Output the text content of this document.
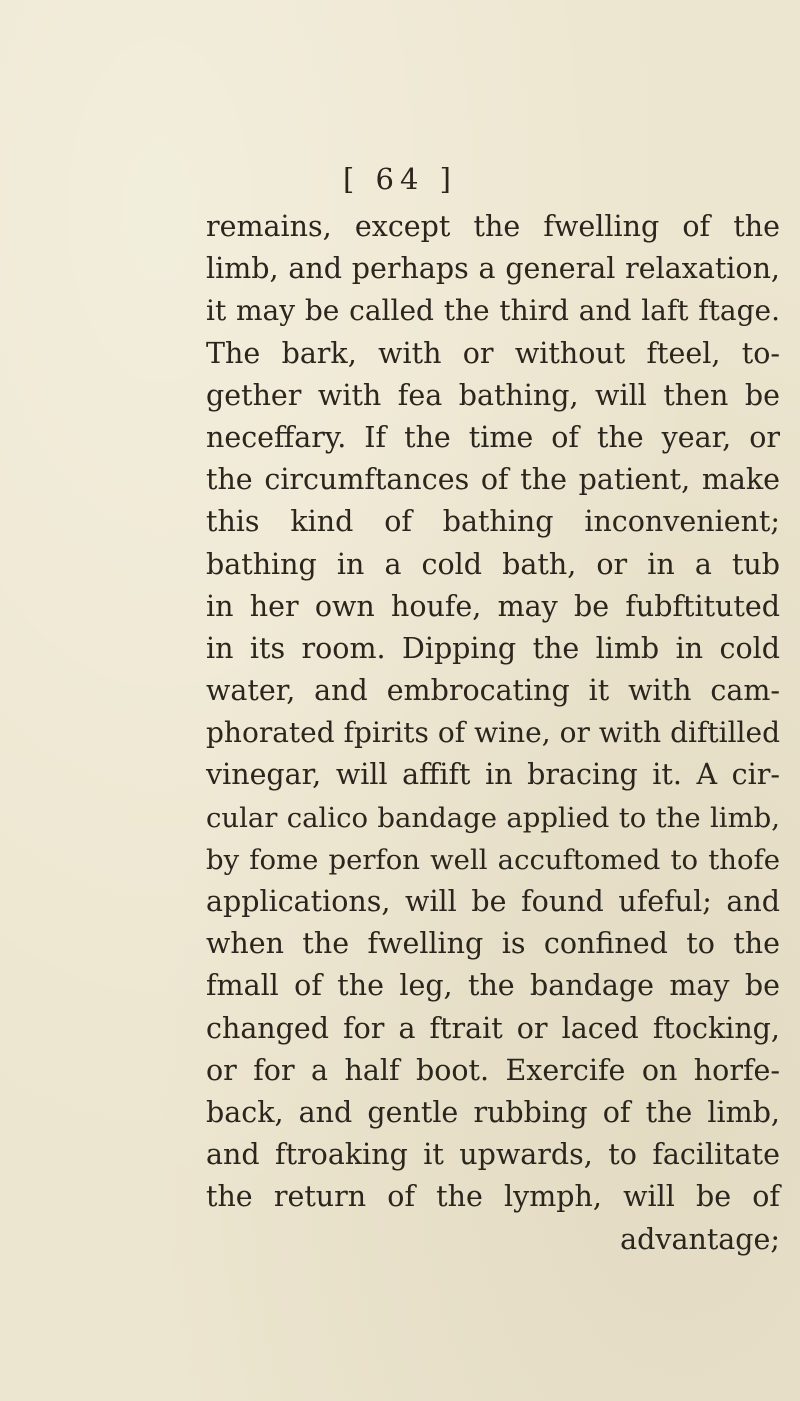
[ 64 ]
remains, except the fwelling of the
limb, and perhaps a general relaxation,
it may be called the third and laft ftage.
The bark, with or without fteel, to-
gether with fea bathing, will then be
neceffary. If the time of the year, or
the circumftances of the patient, make
this kind of bathing inconvenient;
bathing in a cold bath, or in a tub
in her own houfe, may be fubftituted
in its room. Dipping the limb in cold
water, and embrocating it with cam-
phorated fpirits of wine, or with diftilled
vinegar, will affift in bracing it. A cir-
cular calico bandage applied to the limb,
by fome perfon well accuftomed to thofe
applications, will be found ufeful; and
when the fwelling is confined to the
fmall of the leg, the bandage may be
changed for a ftrait or laced ftocking,
or for a half boot. Exercife on horfe-
back, and gentle rubbing of the limb,
and ftroaking it upwards, to facilitate
the return of the lymph, will be of
advantage;
